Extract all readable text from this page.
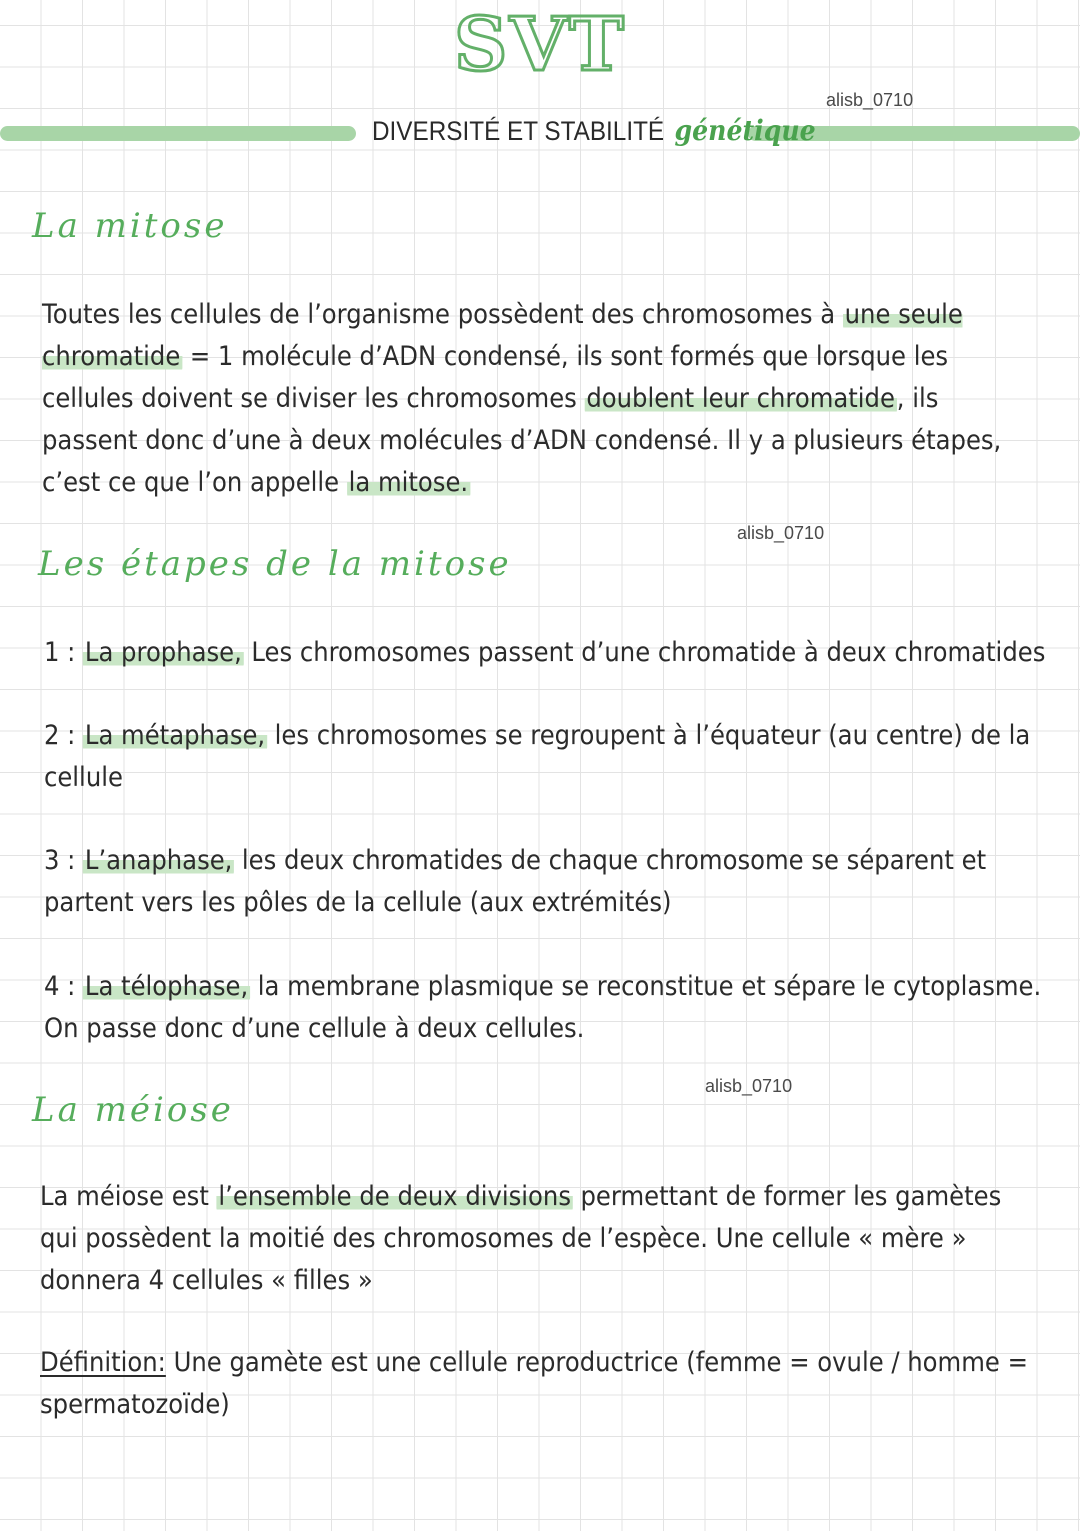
SVT
DIVERSITÉ ET STABILITÉ génétique
alisb_0710
La mitose

Toutes les cellules de l’organisme possèdent des chromosomes à une seule chromatide = 1 molécule d’ADN condensé, ils sont formés que lorsque les cellules doivent se diviser les chromosomes doublent leur chromatide, ils passent donc d’une à deux molécules d’ADN condensé. Il y a plusieurs étapes, c’est ce que l’on appelle la mitose.

alisb_0710
Les étapes de la mitose

1 : La prophase, Les chromosomes passent d’une chromatide à deux chromatides

2 : La métaphase, les chromosomes se regroupent à l’équateur (au centre) de la cellule

3 : L’anaphase, les deux chromatides de chaque chromosome se séparent et partent vers les pôles de la cellule (aux extrémités)

4 : La télophase, la membrane plasmique se reconstitue et sépare le cytoplasme. On passe donc d’une cellule à deux cellules.

alisb_0710
La méiose

La méiose est l’ensemble de deux divisions permettant de former les gamètes qui possèdent la moitié des chromosomes de l’espèce. Une cellule « mère » donnera 4 cellules « filles »

Définition: Une gamète est une cellule reproductrice (femme = ovule / homme = spermatozoïde)
